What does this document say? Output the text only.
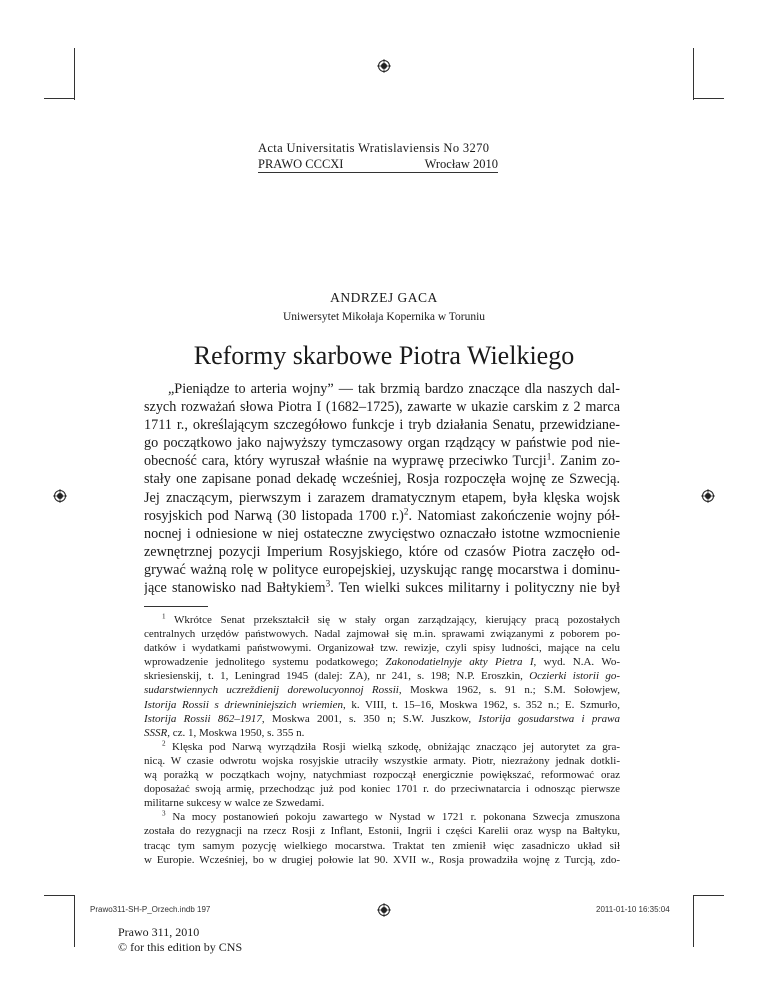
Acta Universitatis Wratislaviensis No 3270
PRAWO CCCXI	Wrocław 2010
ANDRZEJ GACA
Uniwersytet Mikołaja Kopernika w Toruniu
Reformy skarbowe Piotra Wielkiego
„Pieniądze to arteria wojny” — tak brzmią bardzo znaczące dla naszych dal-
szych rozważań słowa Piotra I (1682–1725), zawarte w ukazie carskim z 2 marca
1711 r., określającym szczegółowo funkcje i tryb działania Senatu, przewidziane-
go początkowo jako najwyższy tymczasowy organ rządzący w państwie pod nie-
obecność cara, który wyruszał właśnie na wyprawę przeciwko Turcji$^1$. Zanim zo-
stały one zapisane ponad dekadę wcześniej, Rosja rozpoczęła wojnę ze Szwecją.
Jej znaczącym, pierwszym i zarazem dramatycznym etapem, była klęska wojsk
rosyjskich pod Narwą (30 listopada 1700 r.)$^2$. Natomiast zakończenie wojny pół-
nocnej i odniesione w niej ostateczne zwycięstwo oznaczało istotne wzmocnienie
zewnętrznej pozycji Imperium Rosyjskiego, które od czasów Piotra zaczęło od-
grywać ważną rolę w polityce europejskiej, uzyskując rangę mocarstwa i dominu-
jące stanowisko nad Bałtykiem$^3$. Ten wielki sukces militarny i polityczny nie był
$^1$ Wkrótce Senat przekształcił się w stały organ zarządzający, kierujący pracą pozostałych
centralnych urzędów państwowych. Nadal zajmował się m.in. sprawami związanymi z poborem po-
datków i wydatkami państwowymi. Organizował tzw. rewizje, czyli spisy ludności, mające na celu
wprowadzenie jednolitego systemu podatkowego; Zakonodatielnyje akty Pietra I, wyd. N.A. Wo-
skriesienskij, t. 1, Leningrad 1945 (dalej: ZA), nr 241, s. 198; N.P. Eroszkin, Oczierki istorii go-
sudarstwiennych uczreždienij dorewolucyonnoj Rossii, Moskwa 1962, s. 91 n.; S.M. Sołowjew,
Istorija Rossii s driewniniejszich wriemien, k. VIII, t. 15–16, Moskwa 1962, s. 352 n.; E. Szmurło,
Istorija Rossii 862–1917, Moskwa 2001, s. 350 n; S.W. Juszkow, Istorija gosudarstwa i prawa
SSSR, cz. 1, Moskwa 1950, s. 355 n.
$^2$ Klęska pod Narwą wyrządziła Rosji wielką szkodę, obniżając znacząco jej autorytet za gra-
nicą. W czasie odwrotu wojska rosyjskie utraciły wszystkie armaty. Piotr, niezrażony jednak dotkli-
wą porażką w początkach wojny, natychmiast rozpoczął energicznie powiększać, reformować oraz
doposażać swoją armię, przechodząc już pod koniec 1701 r. do przeciwnatarcia i odnosząc pierwsze
militarne sukcesy w walce ze Szwedami.
$^3$ Na mocy postanowień pokoju zawartego w Nystad w 1721 r. pokonana Szwecja zmuszona
została do rezygnacji na rzecz Rosji z Inflant, Estonii, Ingrii i części Karelii oraz wysp na Bałtyku,
tracąc tym samym pozycję wielkiego mocarstwa. Traktat ten zmienił więc zasadniczo układ sił
w Europie. Wcześniej, bo w drugiej połowie lat 90. XVII w., Rosja prowadziła wojnę z Turcją, zdo-
Prawo 311, 2010
© for this edition by CNS
Prawo311-SH-P_Orzech.indb 197	2011-01-10 16:35:04
